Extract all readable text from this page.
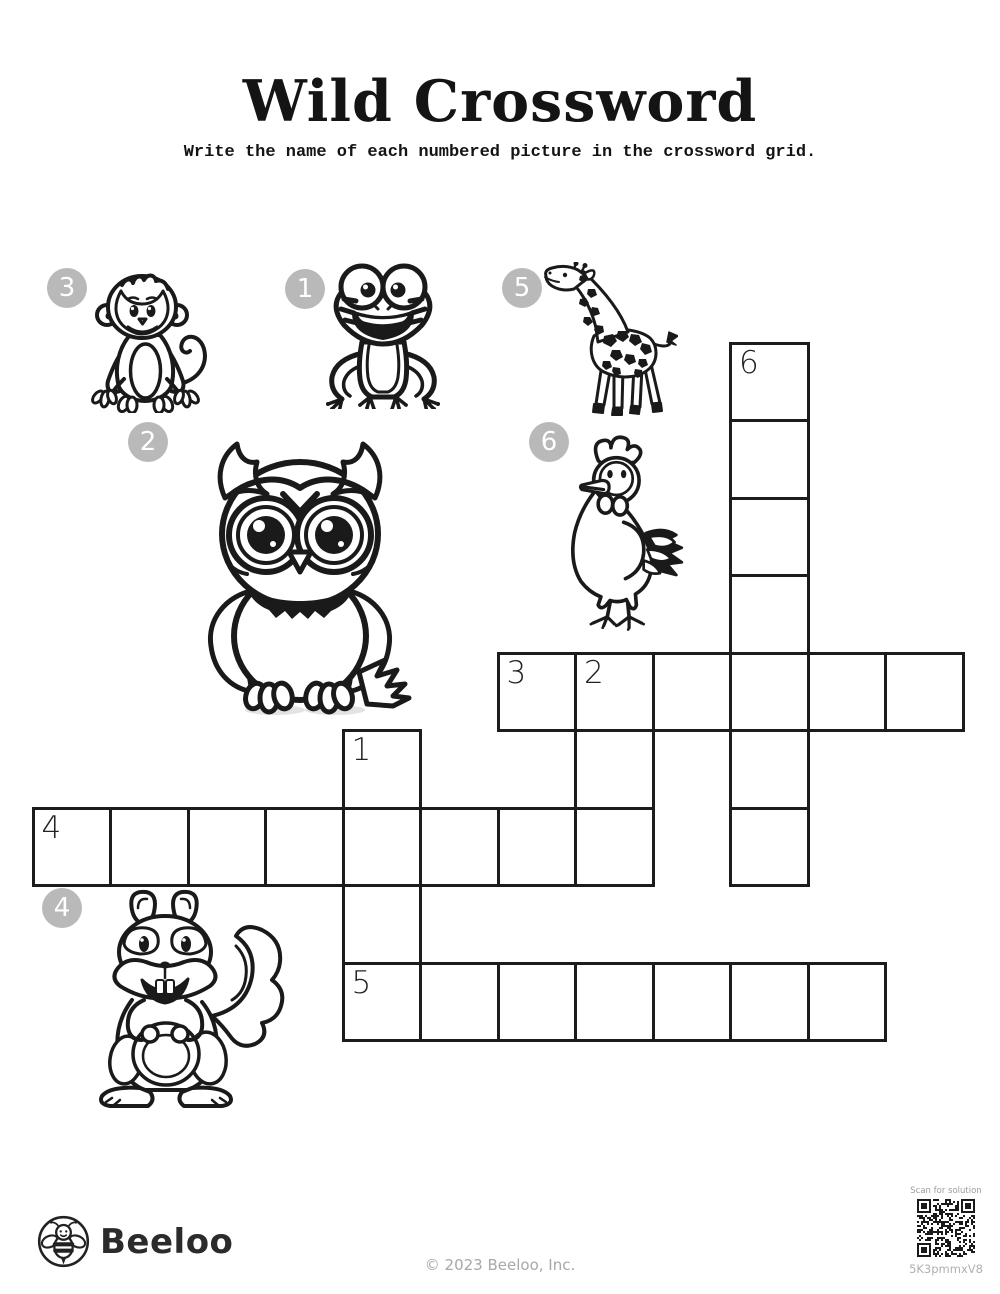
Wild Crossword
Write the name of each numbered picture in the crossword grid.
6
3	2
1
4
5
3	1	5
2	6
4
Beeloo
© 2023 Beeloo, Inc.
Scan for solution
5K3pmmxV8
